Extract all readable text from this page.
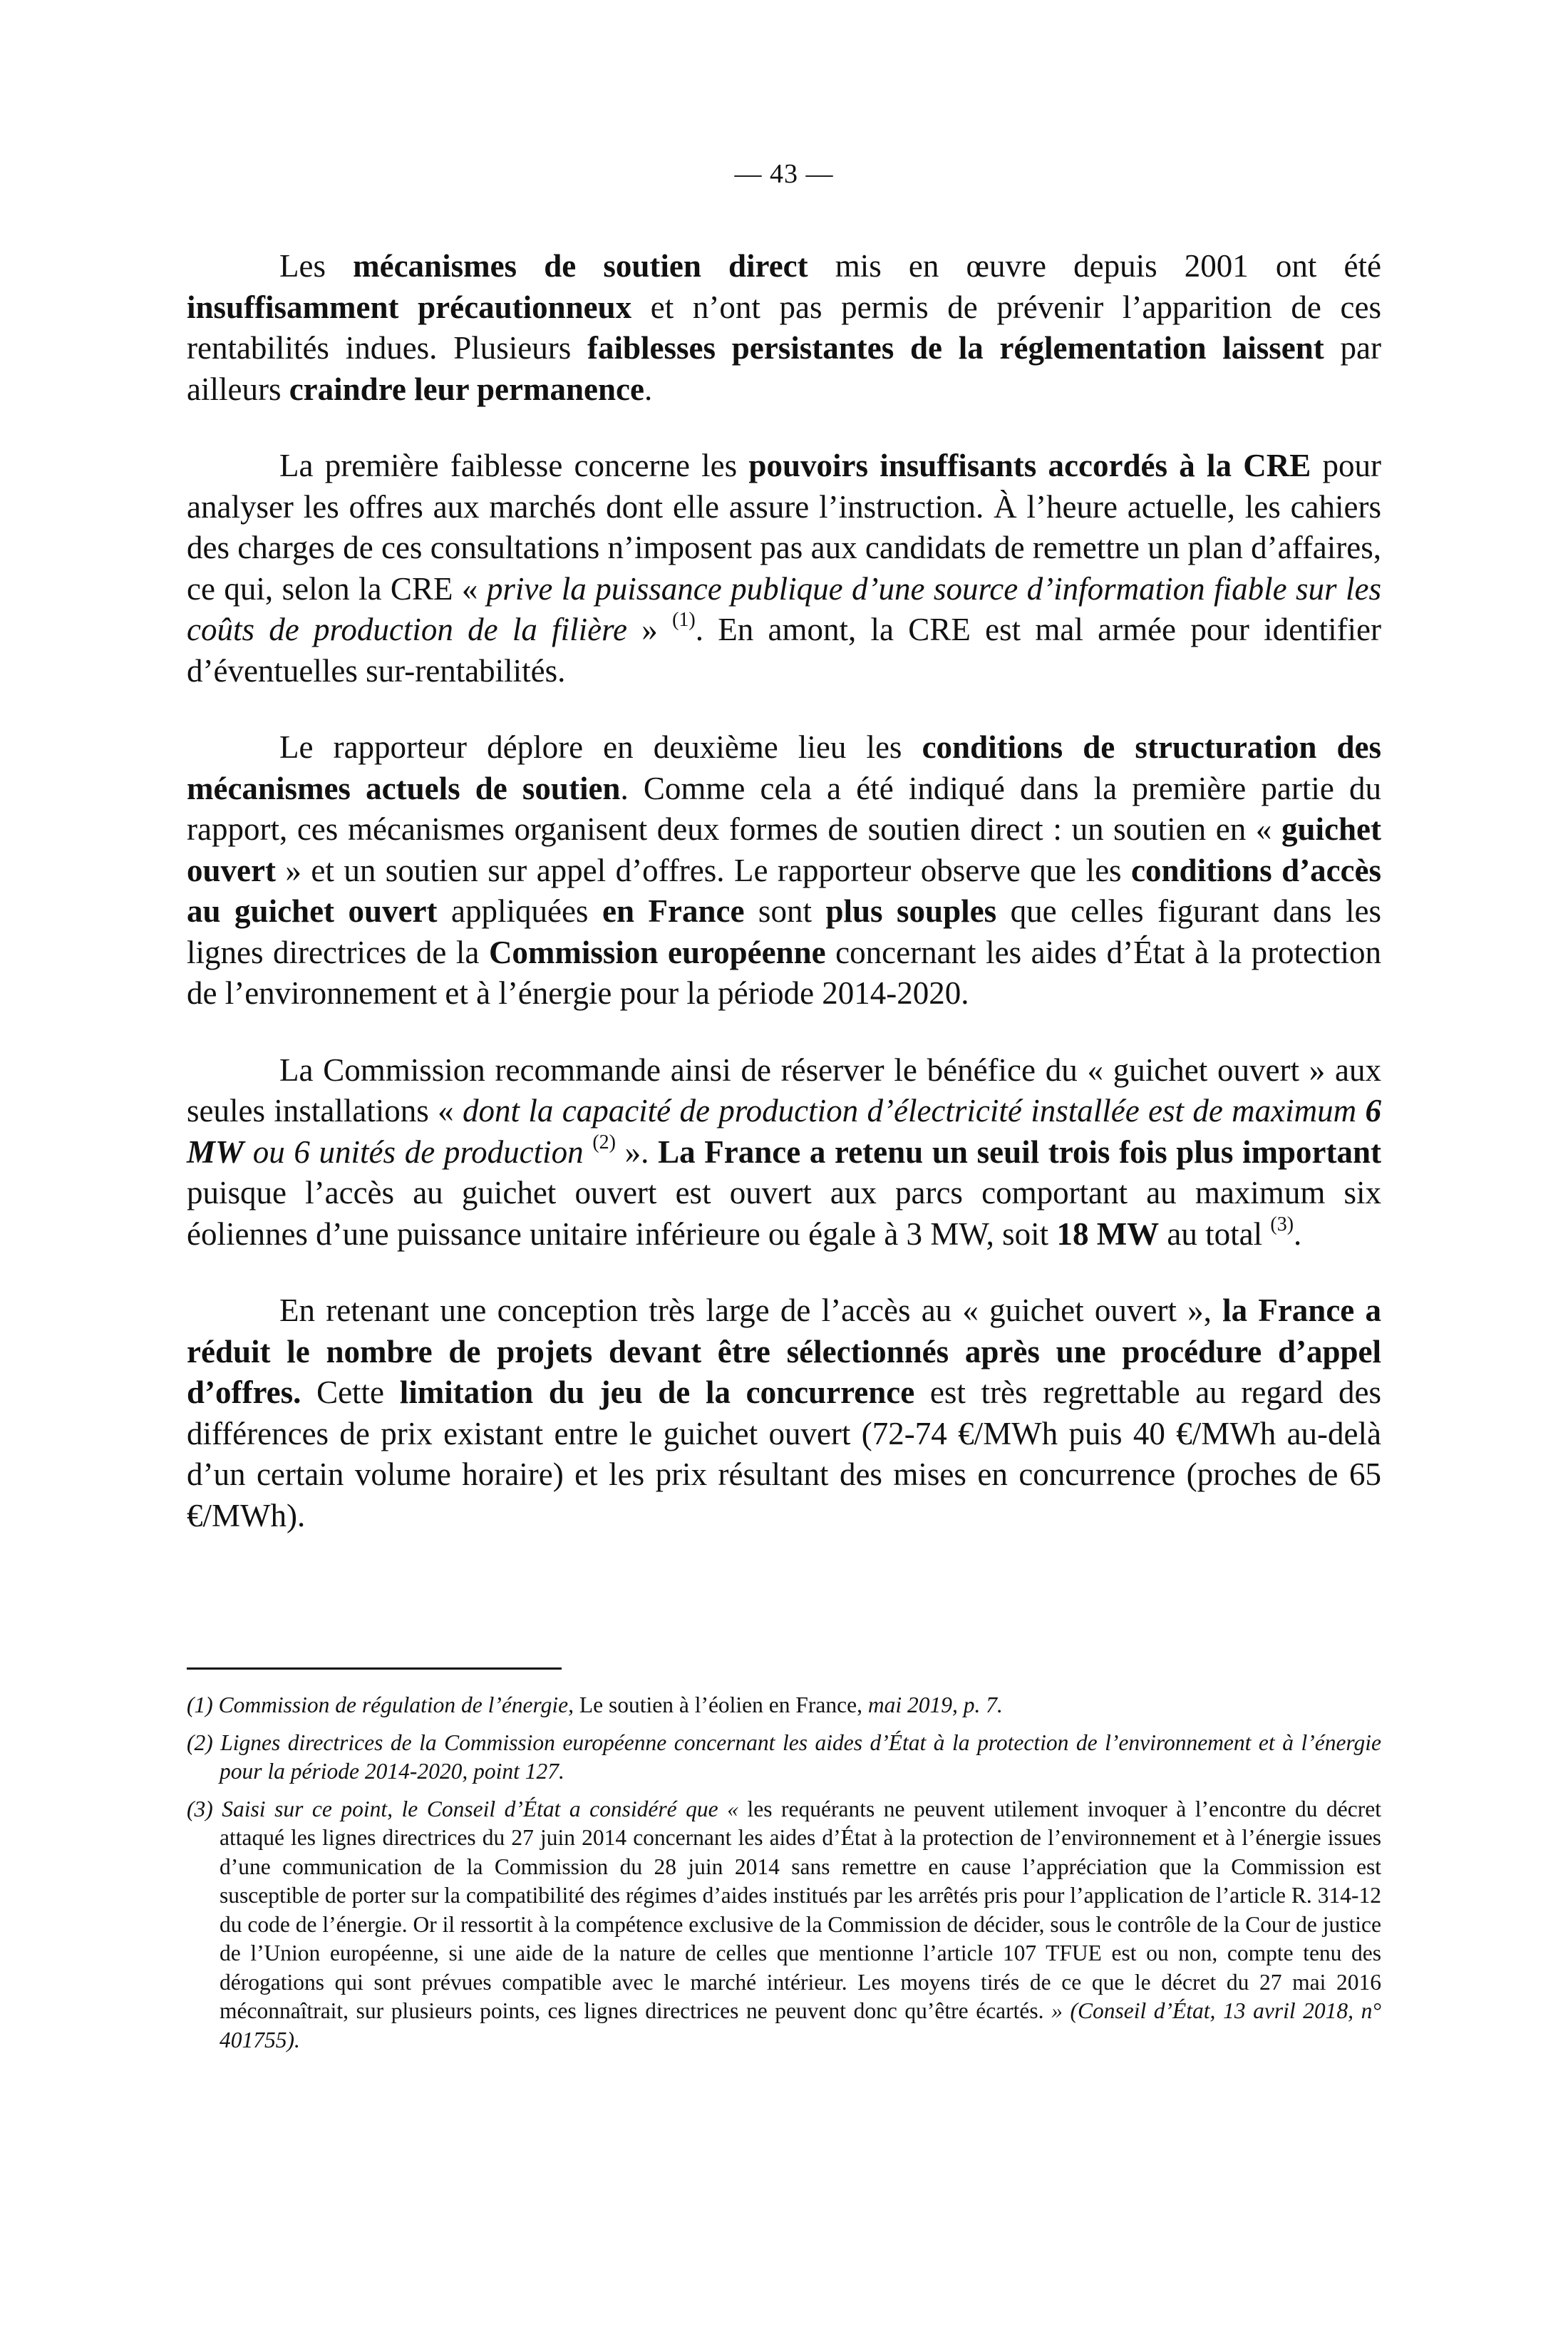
— 43 —

Les mécanismes de soutien direct mis en œuvre depuis 2001 ont été insuffisamment précautionneux et n’ont pas permis de prévenir l’apparition de ces rentabilités indues. Plusieurs faiblesses persistantes de la réglementation laissent par ailleurs craindre leur permanence.

La première faiblesse concerne les pouvoirs insuffisants accordés à la CRE pour analyser les offres aux marchés dont elle assure l’instruction. À l’heure actuelle, les cahiers des charges de ces consultations n’imposent pas aux candidats de remettre un plan d’affaires, ce qui, selon la CRE « prive la puissance publique d’une source d’information fiable sur les coûts de production de la filière » $^{(1)}$. En amont, la CRE est mal armée pour identifier d’éventuelles sur-rentabilités.

Le rapporteur déplore en deuxième lieu les conditions de structuration des mécanismes actuels de soutien. Comme cela a été indiqué dans la première partie du rapport, ces mécanismes organisent deux formes de soutien direct : un soutien en « guichet ouvert » et un soutien sur appel d’offres. Le rapporteur observe que les conditions d’accès au guichet ouvert appliquées en France sont plus souples que celles figurant dans les lignes directrices de la Commission européenne concernant les aides d’État à la protection de l’environnement et à l’énergie pour la période 2014-2020.

La Commission recommande ainsi de réserver le bénéfice du « guichet ouvert » aux seules installations « dont la capacité de production d’électricité installée est de maximum 6 MW ou 6 unités de production $^{(2)}$ ». La France a retenu un seuil trois fois plus important puisque l’accès au guichet ouvert est ouvert aux parcs comportant au maximum six éoliennes d’une puissance unitaire inférieure ou égale à 3 MW, soit 18 MW au total $^{(3)}$.

En retenant une conception très large de l’accès au « guichet ouvert », la France a réduit le nombre de projets devant être sélectionnés après une procédure d’appel d’offres. Cette limitation du jeu de la concurrence est très regrettable au regard des différences de prix existant entre le guichet ouvert (72-74 €/MWh puis 40 €/MWh au-delà d’un certain volume horaire) et les prix résultant des mises en concurrence (proches de 65 €/MWh).

(1) Commission de régulation de l’énergie, Le soutien à l’éolien en France, mai 2019, p. 7.

(2) Lignes directrices de la Commission européenne concernant les aides d’État à la protection de l’environnement et à l’énergie pour la période 2014-2020, point 127.

(3) Saisi sur ce point, le Conseil d’État a considéré que « les requérants ne peuvent utilement invoquer à l’encontre du décret attaqué les lignes directrices du 27 juin 2014 concernant les aides d’État à la protection de l’environnement et à l’énergie issues d’une communication de la Commission du 28 juin 2014 sans remettre en cause l’appréciation que la Commission est susceptible de porter sur la compatibilité des régimes d’aides institués par les arrêtés pris pour l’application de l’article R. 314-12 du code de l’énergie. Or il ressortit à la compétence exclusive de la Commission de décider, sous le contrôle de la Cour de justice de l’Union européenne, si une aide de la nature de celles que mentionne l’article 107 TFUE est ou non, compte tenu des dérogations qui sont prévues compatible avec le marché intérieur. Les moyens tirés de ce que le décret du 27 mai 2016 méconnaîtrait, sur plusieurs points, ces lignes directrices ne peuvent donc qu’être écartés. » (Conseil d’État, 13 avril 2018, n° 401755).
